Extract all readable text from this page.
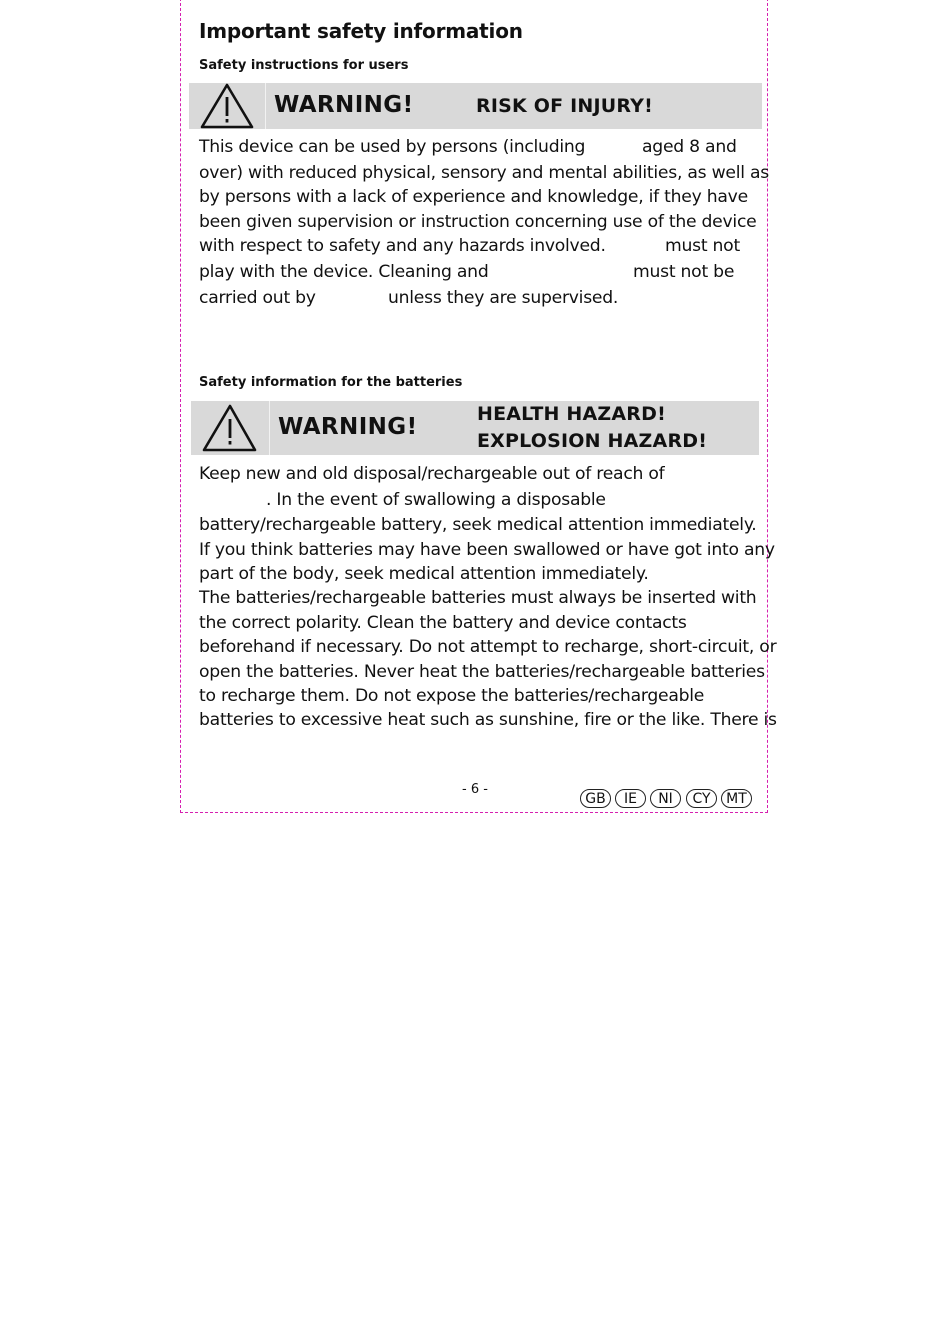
Important safety information
Safety instructions for users
WARNING!	RISK OF INJURY!
This device can be used by persons (including	aged 8 and
over) with reduced physical, sensory and mental abilities, as well as
by persons with a lack of experience and knowledge, if they have
been given supervision or instruction concerning use of the device
with respect to safety and any hazards involved.	must not
play with the device. Cleaning and	must not be
carried out by	unless they are supervised.
Safety information for the batteries
WARNING!	HEALTH HAZARD!
EXPLOSION HAZARD!
Keep new and old disposal/rechargeable out of reach of
. In the event of swallowing a disposable
battery/rechargeable battery, seek medical attention immediately.
If you think batteries may have been swallowed or have got into any
part of the body, seek medical attention immediately.
The batteries/rechargeable batteries must always be inserted with
the correct polarity. Clean the battery and device contacts
beforehand if necessary. Do not attempt to recharge, short-circuit, or
open the batteries. Never heat the batteries/rechargeable batteries
to recharge them. Do not expose the batteries/rechargeable
batteries to excessive heat such as sunshine, fire or the like. There is
- 6 -
GB	IE	NI	CY	MT
